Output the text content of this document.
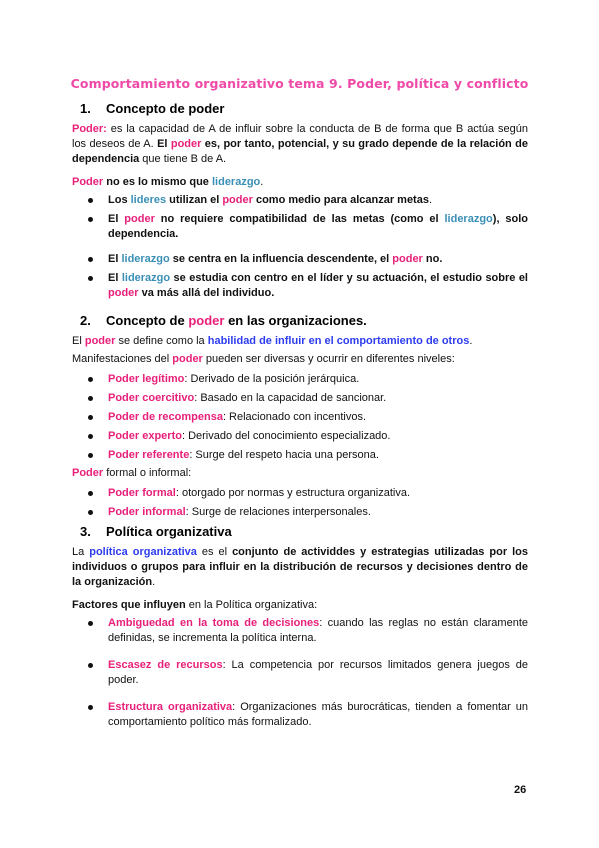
Comportamiento organizativo tema 9. Poder, política y conflicto
1. Concepto de poder
Poder: es la capacidad de A de influir sobre la conducta de B de forma que B actúa según los deseos de A. El poder es, por tanto, potencial, y su grado depende de la relación de dependencia que tiene B de A.
Poder no es lo mismo que liderazgo.
Los lideres utilizan el poder como medio para alcanzar metas.
El poder no requiere compatibilidad de las metas (como el liderazgo), solo dependencia.
El liderazgo se centra en la influencia descendente, el poder no.
El liderazgo se estudia con centro en el líder y su actuación, el estudio sobre el poder va más allá del individuo.
2. Concepto de poder en las organizaciones.
El poder se define como la habilidad de influir en el comportamiento de otros.
Manifestaciones del poder pueden ser diversas y ocurrir en diferentes niveles:
Poder legítimo: Derivado de la posición jerárquica.
Poder coercitivo: Basado en la capacidad de sancionar.
Poder de recompensa: Relacionado con incentivos.
Poder experto: Derivado del conocimiento especializado.
Poder referente: Surge del respeto hacia una persona.
Poder formal o informal:
Poder formal: otorgado por normas y estructura organizativa.
Poder informal: Surge de relaciones interpersonales.
3. Política organizativa
La política organizativa es el conjunto de actividdes y estrategias utilizadas por los individuos o grupos para influir en la distribución de recursos y decisiones dentro de la organización.
Factores que influyen en la Política organizativa:
Ambiguedad en la toma de decisiones: cuando las reglas no están claramente definidas, se incrementa la política interna.
Escasez de recursos: La competencia por recursos limitados genera juegos de poder.
Estructura organizativa: Organizaciones más burocráticas, tienden a fomentar un comportamiento político más formalizado.
26
